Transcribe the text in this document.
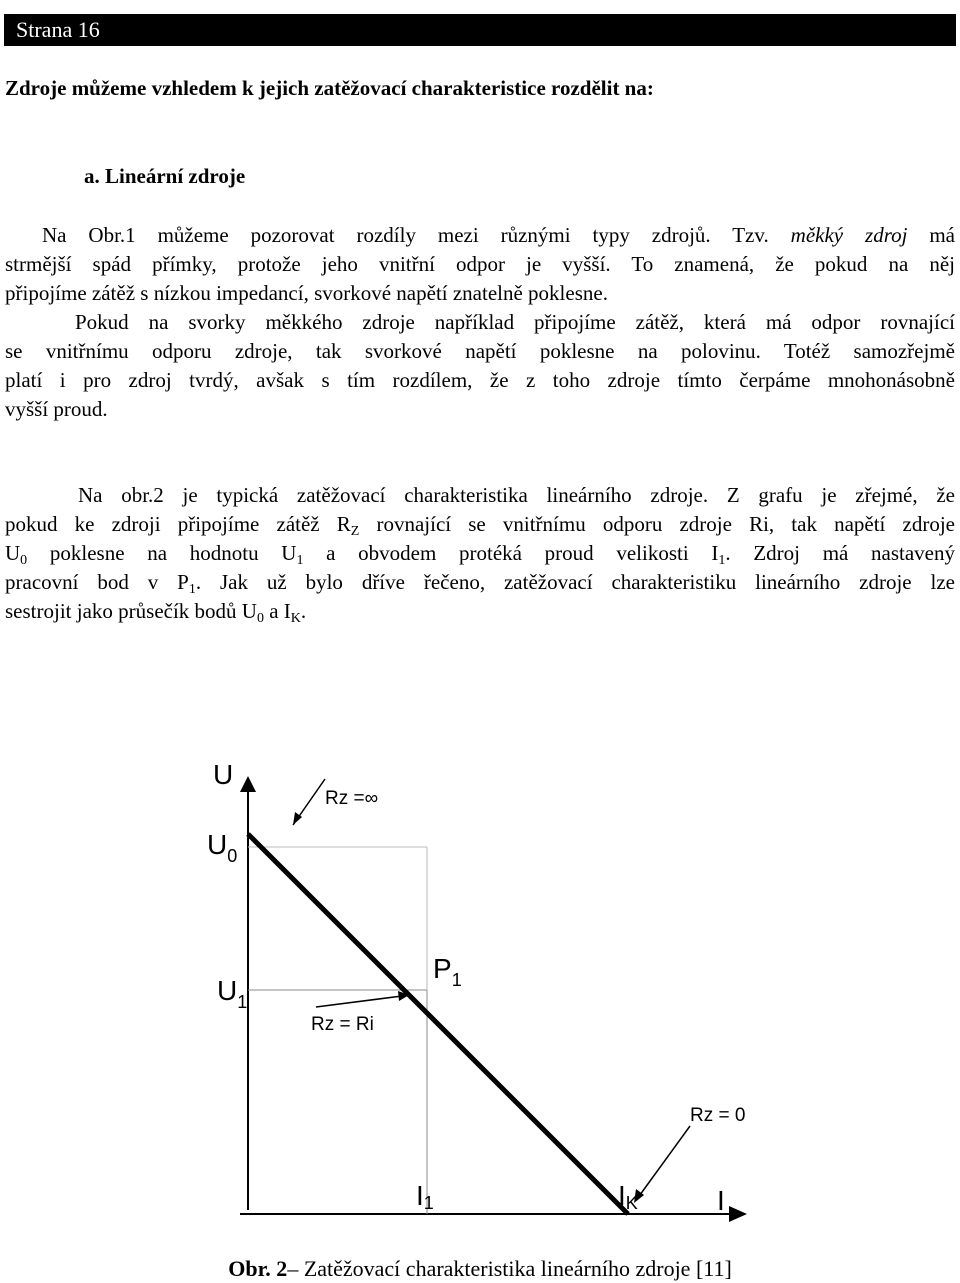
Strana 16
Zdroje můžeme vzhledem k jejich zatěžovací charakteristice rozdělit na:
a. Lineární zdroje
Na Obr.1 můžeme pozorovat rozdíly mezi různými typy zdrojů. Tzv. měkký zdroj má
strmější spád přímky, protože jeho vnitřní odpor je vyšší. To znamená, že pokud na něj
připojíme zátěž s nízkou impedancí, svorkové napětí znatelně poklesne.
Pokud na svorky měkkého zdroje například připojíme zátěž, která má odpor rovnající
se vnitřnímu odporu zdroje, tak svorkové napětí poklesne na polovinu. Totéž samozřejmě
platí i pro zdroj tvrdý, avšak s tím rozdílem, že z toho zdroje tímto čerpáme mnohonásobně
vyšší proud.
Na obr.2 je typická zatěžovací charakteristika lineárního zdroje. Z grafu je zřejmé, že
pokud ke zdroji připojíme zátěž $R_Z$ rovnající se vnitřnímu odporu zdroje Ri, tak napětí zdroje
$U_0$ poklesne na hodnotu $U_1$ a obvodem protéká proud velikosti $I_1$. Zdroj má nastavený
pracovní bod v $P_1$. Jak už bylo dříve řečeno, zatěžovací charakteristiku lineárního zdroje lze
sestrojit jako průsečík bodů $U_0$ a $I_K$.
U
I
$U_0$
$U_1$
$P_1$
Rz =∞
Rz = Ri
Rz = 0
$I_1$	$I_K$
Obr. 2– Zatěžovací charakteristika lineárního zdroje [11]
